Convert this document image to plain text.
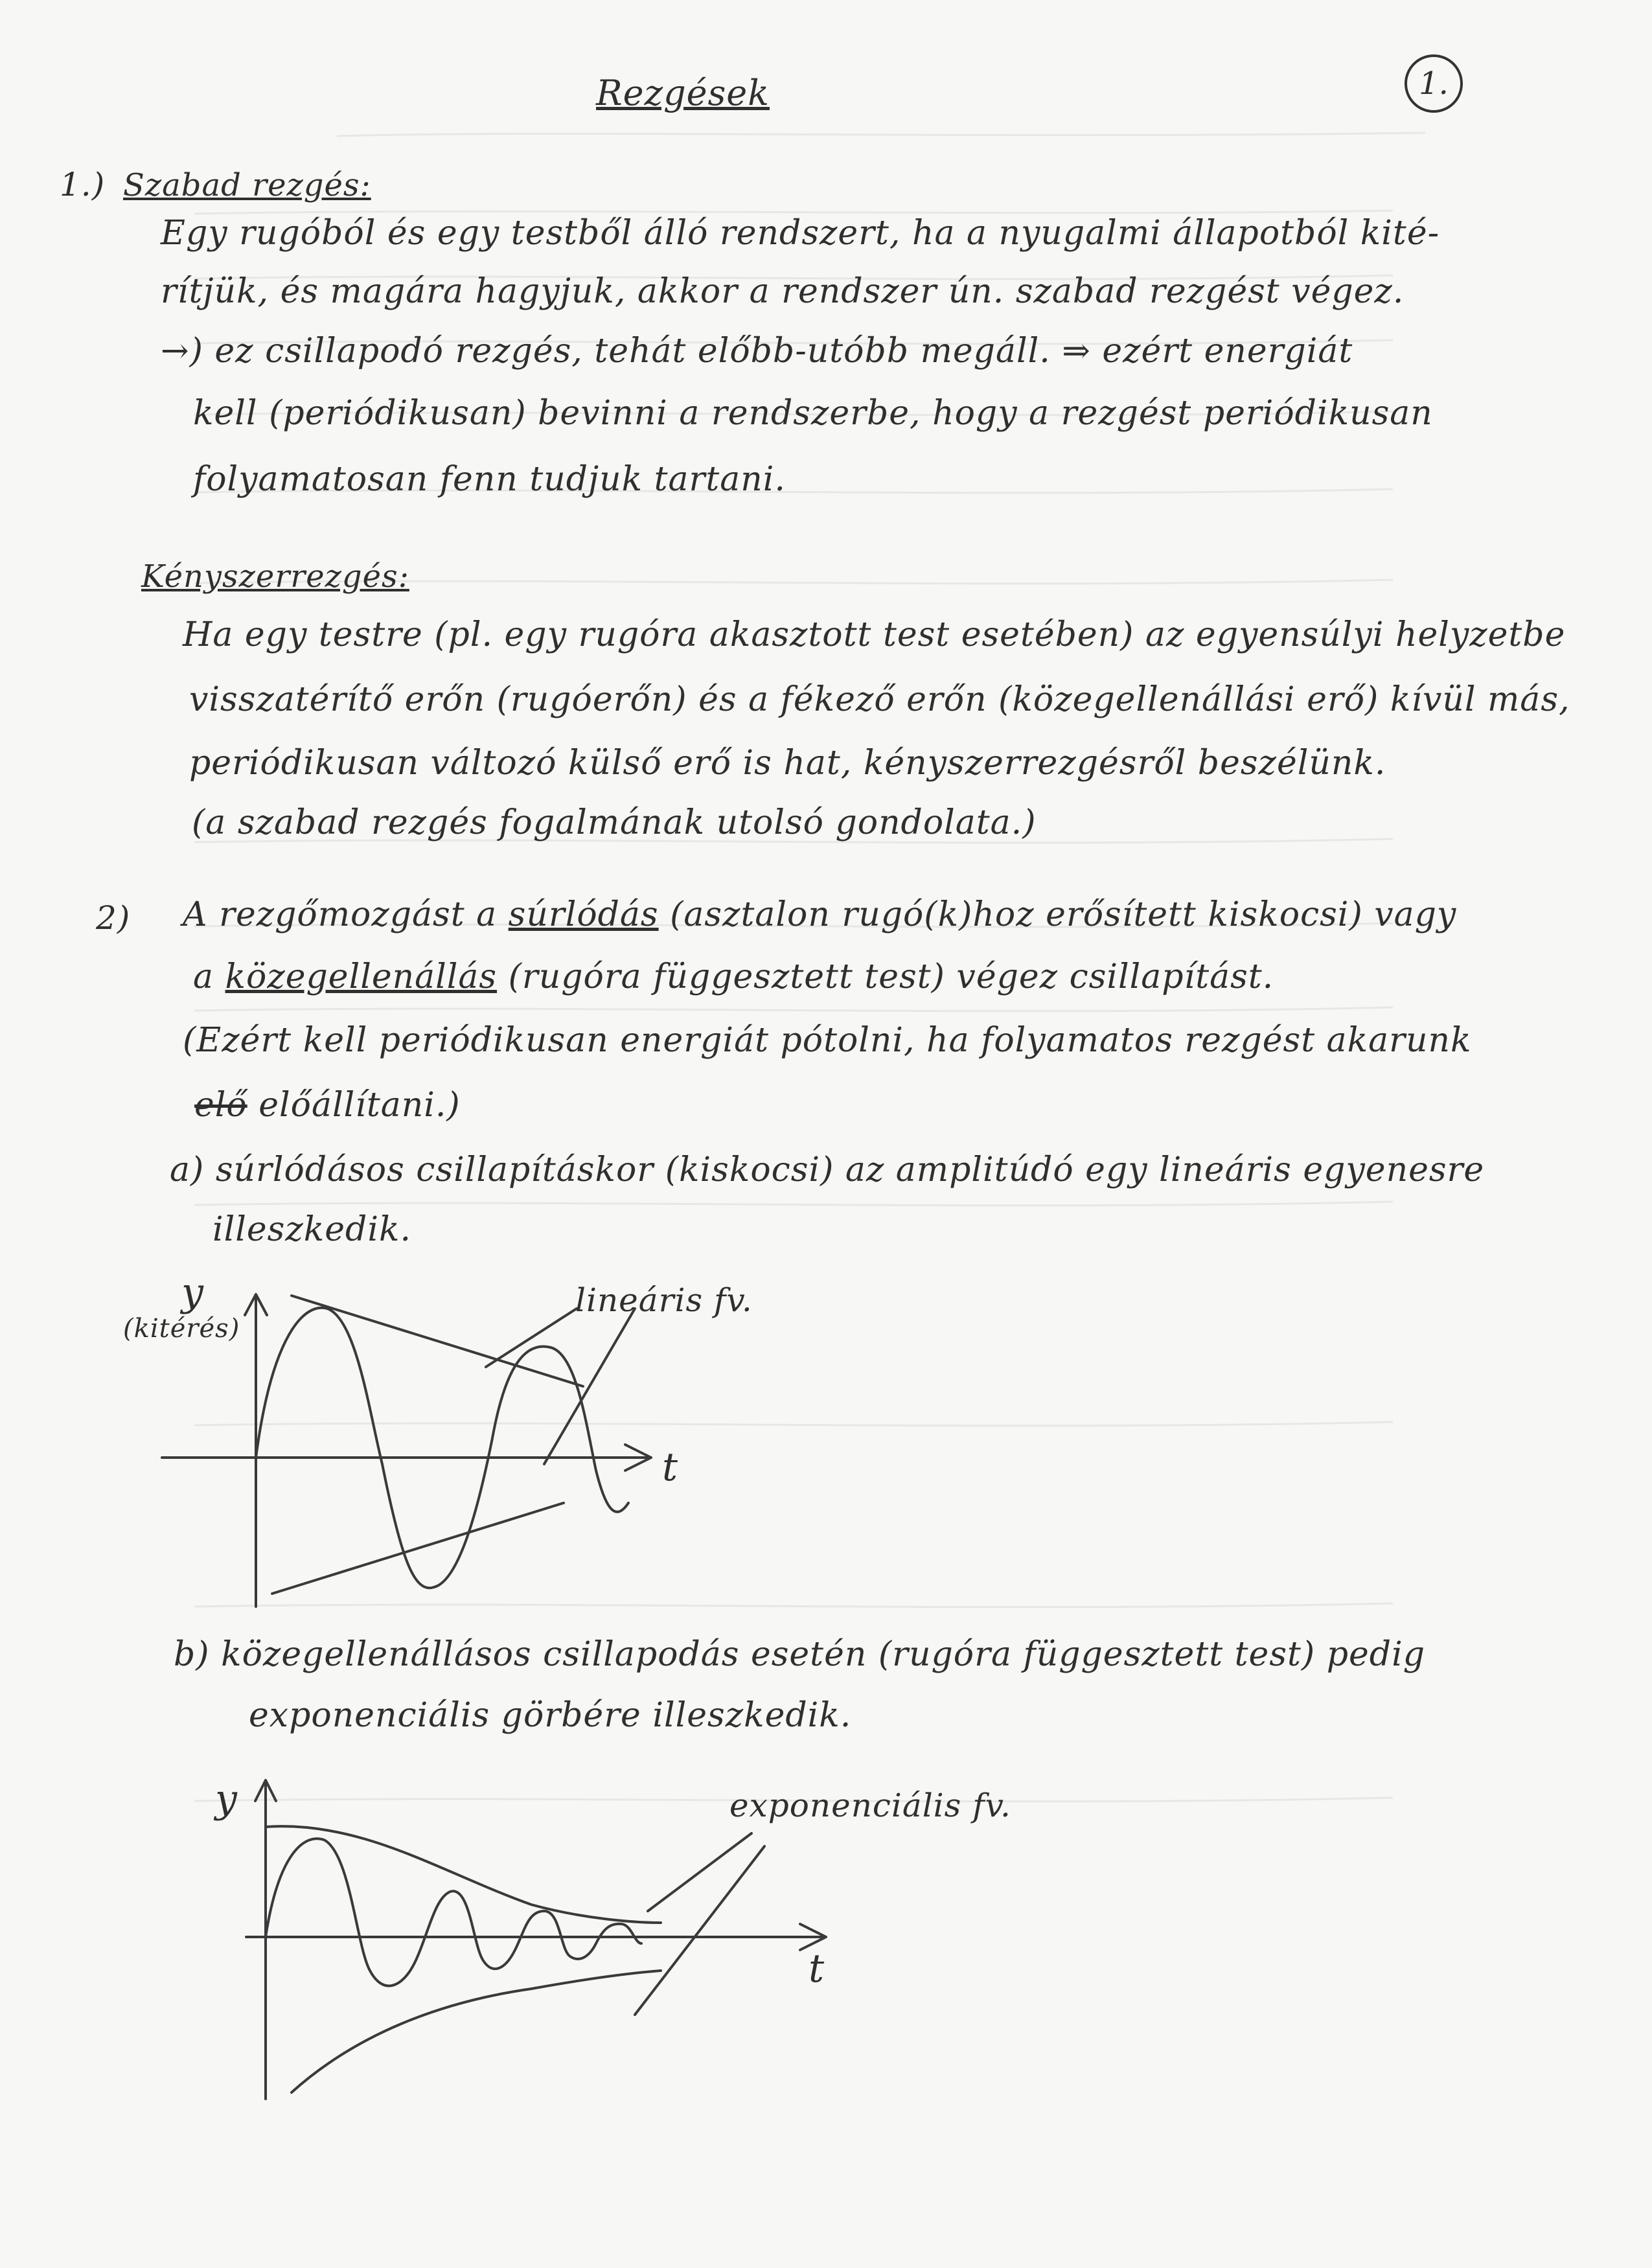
Rezgések	1.
1.) Szabad rezgés:
Egy rugóból és egy testből álló rendszert, ha a nyugalmi állapotból kité-
rítjük, és magára hagyjuk, akkor a rendszer ún. szabad rezgést végez.
→) ez csillapodó rezgés, tehát előbb-utóbb megáll. ⇒ ezért energiát
kell (periódikusan) bevinni a rendszerbe, hogy a rezgést periódikusan
folyamatosan fenn tudjuk tartani.
Kényszerrezgés:
Ha egy testre (pl. egy rugóra akasztott test esetében) az egyensúlyi helyzetbe
visszatérítő erőn (rugóerőn) és a fékező erőn (közegellenállási erő) kívül más,
periódikusan változó külső erő is hat, kényszerrezgésről beszélünk.
(a szabad rezgés fogalmának utolsó gondolata.)
2) A rezgőmozgást a súrlódás (asztalon rugó(k)hoz erősített kiskocsi) vagy
a közegellenállás (rugóra függesztett test) végez csillapítást.
(Ezért kell periódikusan energiát pótolni, ha folyamatos rezgést akarunk
elő előállítani.)
a) súrlódásos csillapításkor (kiskocsi) az amplitúdó egy lineáris egyenesre
illeszkedik.
y
(kitérés)
t
lineáris fv.
b) közegellenállásos csillapodás esetén (rugóra függesztett test) pedig
exponenciális görbére illeszkedik.
y
t
exponenciális fv.
